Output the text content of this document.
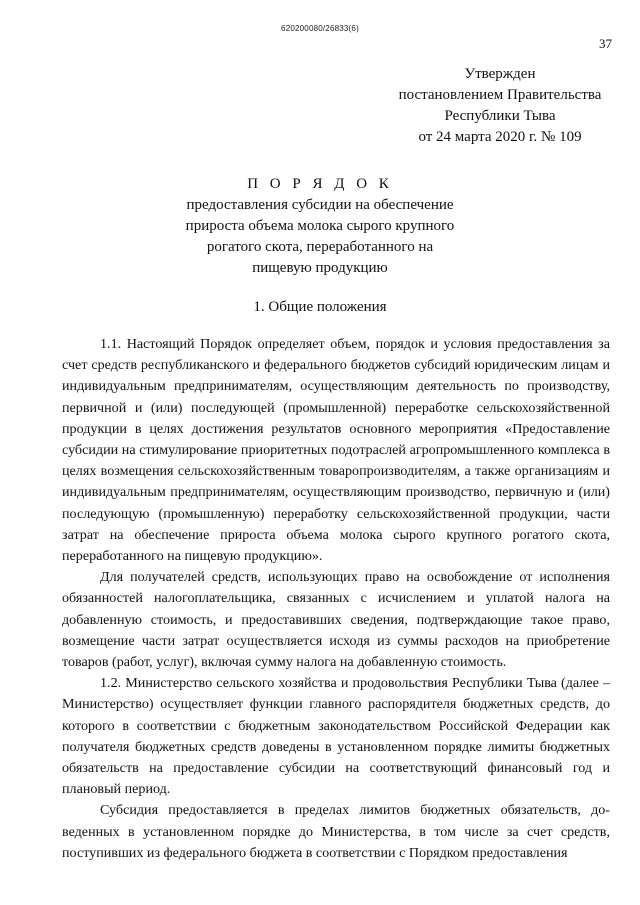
620200080/26833(6)
37
Утвержден
постановлением Правительства
Республики Тыва
от 24 марта 2020 г. № 109
П О Р Я Д О К
предоставления субсидии на обеспечение
прироста объема молока сырого крупного
рогатого скота, переработанного на
пищевую продукцию
1. Общие положения

1.1. Настоящий Порядок определяет объем, порядок и условия предоставления за счет средств республиканского и федерального бюджетов субсидий юридическим лицам и индивидуальным предпринимателям, осуществляющим деятельность по производству, первичной и (или) последующей (промышленной) переработке сельскохозяйственной продукции в целях достижения результатов основного мероприятия «Предоставление субсидии на стимулирование приоритетных подотраслей агропромышленного комплекса в целях возмещения сельскохозяйственным товаропроизводителям, а также организациям и индивидуальным предпринимателям, осуществляющим производство, первичную и (или) последующую (промышленную) переработку сельскохозяйственной продукции, части затрат на обеспечение прироста объема молока сырого крупного рогатого скота, переработанного на пищевую продукцию».

Для получателей средств, использующих право на освобождение от исполнения обязанностей налогоплательщика, связанных с исчислением и уплатой налога на добавленную стоимость, и предоставивших сведения, подтверждающие такое право, возмещение части затрат осуществляется исходя из суммы расходов на приобретение товаров (работ, услуг), включая сумму налога на добавленную стоимость.

1.2. Министерство сельского хозяйства и продовольствия Республики Тыва (далее – Министерство) осуществляет функции главного распорядителя бюджетных средств, до которого в соответствии с бюджетным законодательством Российской Федерации как получателя бюджетных средств доведены в установленном порядке лимиты бюджетных обязательств на предоставление субсидии на соответствующий финансовый год и плановый период.

Субсидия предоставляется в пределах лимитов бюджетных обязательств, доведенных в установленном порядке до Министерства, в том числе за счет средств, поступивших из федерального бюджета в соответствии с Порядком предоставления
